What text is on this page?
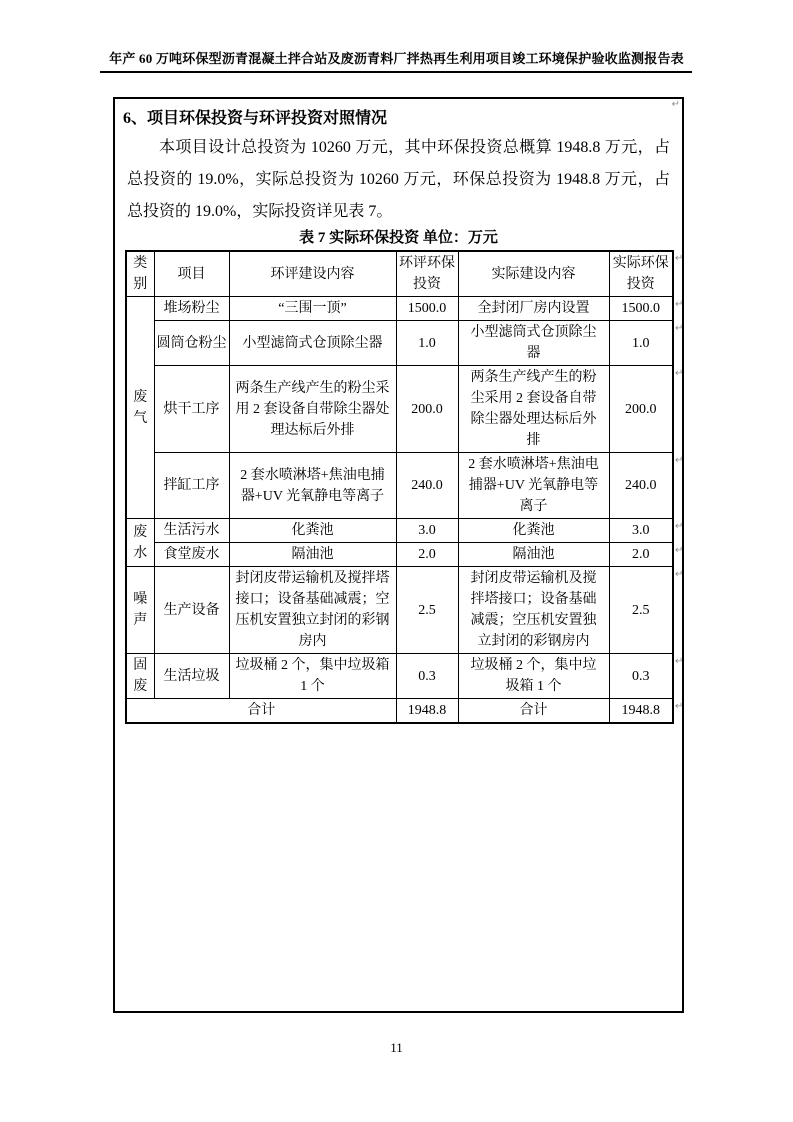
年产 60 万吨环保型沥青混凝土拌合站及废沥青料厂拌热再生利用项目竣工环境保护验收监测报告表
↵
6、项目环保投资与环评投资对照情况
本项目设计总投资为 10260 万元，其中环保投资总概算 1948.8 万元，占总投资的 19.0%，实际总投资为 10260 万元，环保总投资为 1948.8 万元，占总投资的 19.0%，实际投资详见表 7。
表 7 实际环保投资 单位：万元
类别	项目	环评建设内容	环评环保投资	实际建设内容	实际环保投资
废气	堆场粉尘	“三围一顶”	1500.0	全封闭厂房内设置	1500.0
	圆筒仓粉尘	小型滤筒式仓顶除尘器	1.0	小型滤筒式仓顶除尘器	1.0
	烘干工序	两条生产线产生的粉尘采用 2 套设备自带除尘器处理达标后外排	200.0	两条生产线产生的粉尘采用 2 套设备自带除尘器处理达标后外排	200.0
	拌缸工序	2 套水喷淋塔+焦油电捕器+UV 光氧静电等离子	240.0	2 套水喷淋塔+焦油电捕器+UV 光氧静电等离子	240.0
废水	生活污水	化粪池	3.0	化粪池	3.0
	食堂废水	隔油池	2.0	隔油池	2.0
噪声	生产设备	封闭皮带运输机及搅拌塔接口；设备基础减震；空压机安置独立封闭的彩钢房内	2.5	封闭皮带运输机及搅拌塔接口；设备基础减震；空压机安置独立封闭的彩钢房内	2.5
固废	生活垃圾	垃圾桶 2 个，集中垃圾箱 1 个	0.3	垃圾桶 2 个，集中垃圾箱 1 个	0.3
合计			1948.8	合计	1948.8
↵
↵
↵
↵
↵
↵
↵
↵
↵
↵
11
